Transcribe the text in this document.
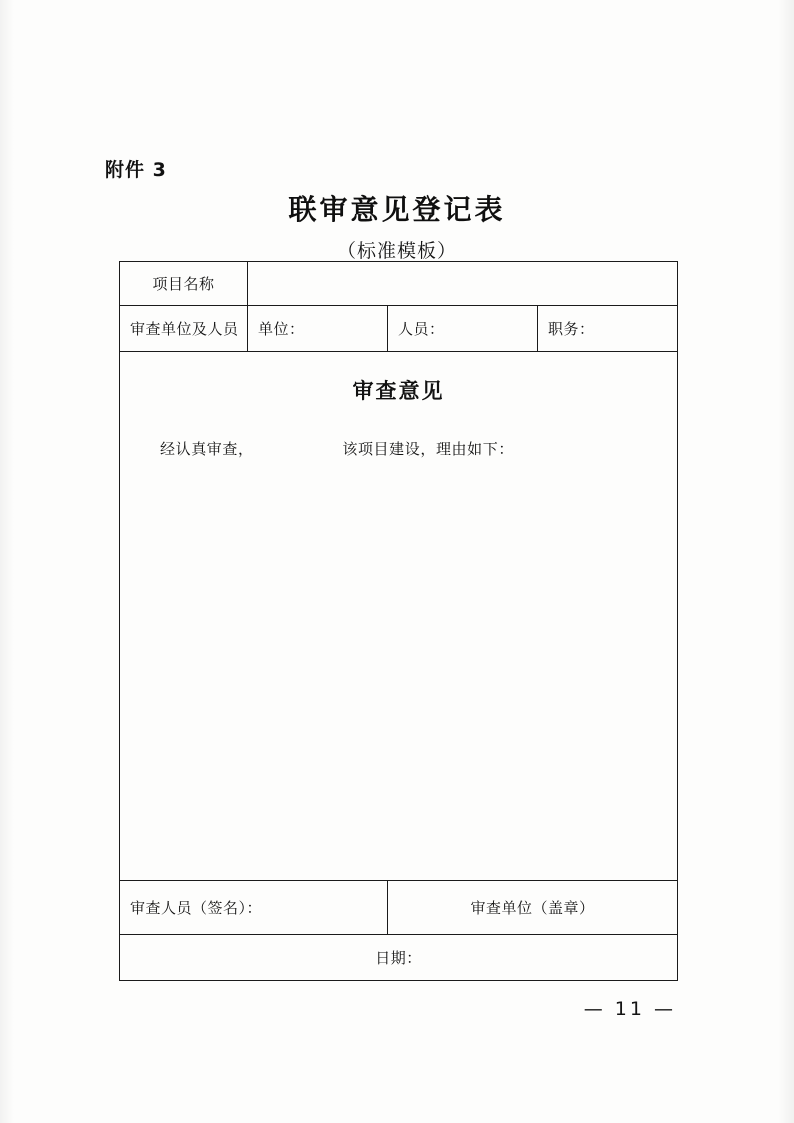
附件 3
联审意见登记表
（标准模板）
项目名称			
审查单位及人员	单位：	人员：	职务：

审查意见
经认真审查， 该项目建设，理由如下：			

审查人员（签名）：		审查单位（盖章）	
日期：			
— 11 —
